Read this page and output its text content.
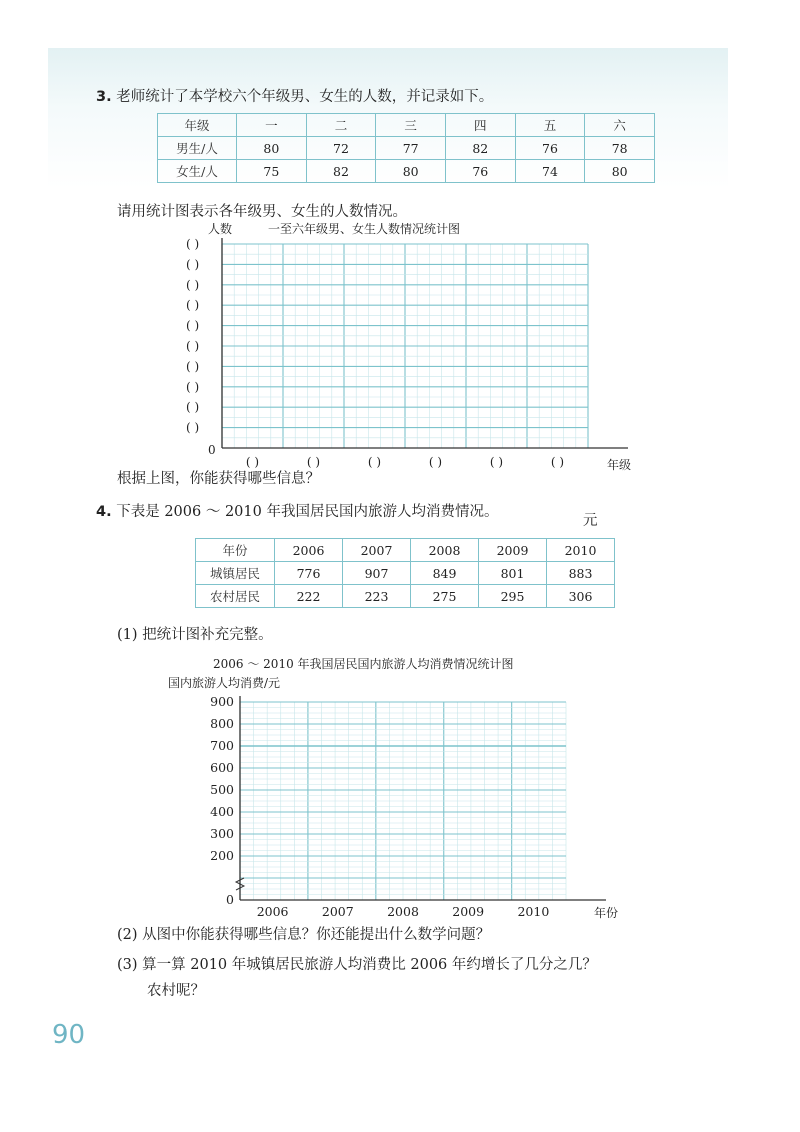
3. 老师统计了本学校六个年级男、女生的人数，并记录如下。
年级	一	二	三	四	五	六
男生/人	80	72	77	82	76	78
女生/人	75	82	80	76	74	80
请用统计图表示各年级男、女生的人数情况。
人数	一至六年级男、女生人数情况统计图
0
( )
( )
( )
( )
( )
( )
( )
( )
( )
( )
( )	( )	( )	( )	( )	( )	年级
根据上图，你能获得哪些信息？
4. 下表是 2006 ～ 2010 年我国居民国内旅游人均消费情况。
元
年份	2006	2007	2008	2009	2010
城镇居民	776	907	849	801	883
农村居民	222	223	275	295	306
(1) 把统计图补充完整。
2006 ～ 2010 年我国居民国内旅游人均消费情况统计图
国内旅游人均消费/元
0
200
300
400
500
600
700
800
900
2006	2007	2008	2009	2010	年份
(2) 从图中你能获得哪些信息？你还能提出什么数学问题？
(3) 算一算 2010 年城镇居民旅游人均消费比 2006 年约增长了几分之几？
农村呢？
90
